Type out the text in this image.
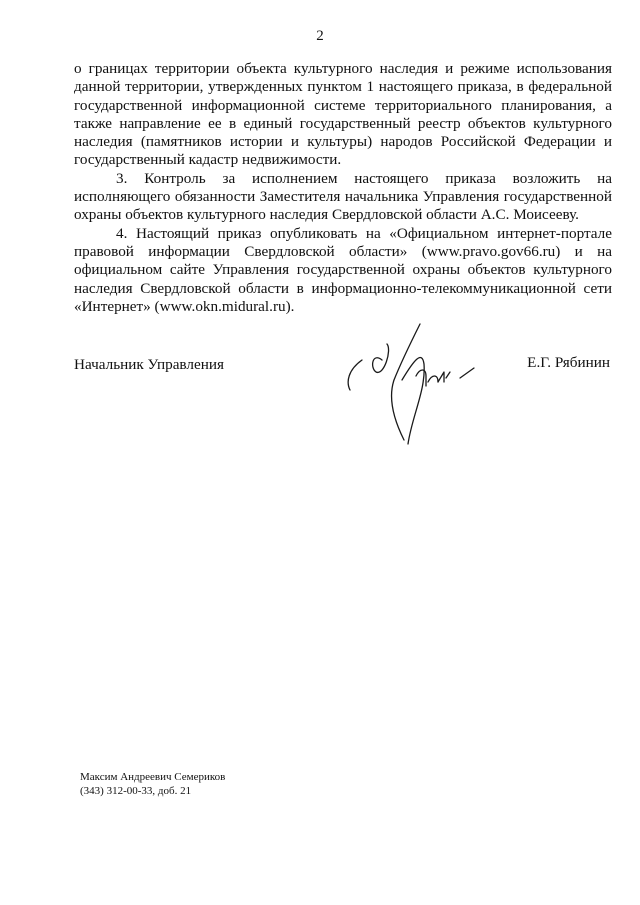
2

о границах территории объекта культурного наследия и режиме использования данной территории, утвержденных пунктом 1 настоящего приказа, в федеральной государственной информационной системе территориального планирования, а также направление ее в единый государственный реестр объектов культурного наследия (памятников истории и культуры) народов Российской Федерации и государственный кадастр недвижимости.

3. Контроль за исполнением настоящего приказа возложить на исполняющего обязанности Заместителя начальника Управления государственной охраны объектов культурного наследия Свердловской области А.С. Моисееву.

4. Настоящий приказ опубликовать на «Официальном интернет-портале правовой информации Свердловской области» (www.pravo.gov66.ru) и на официальном сайте Управления государственной охраны объектов культурного наследия Свердловской области в информационно-телекоммуникационной сети «Интернет» (www.okn.midural.ru).

Начальник Управления	Е.Г. Рябинин
Максим Андреевич Семериков
(343) 312-00-33, доб. 21
